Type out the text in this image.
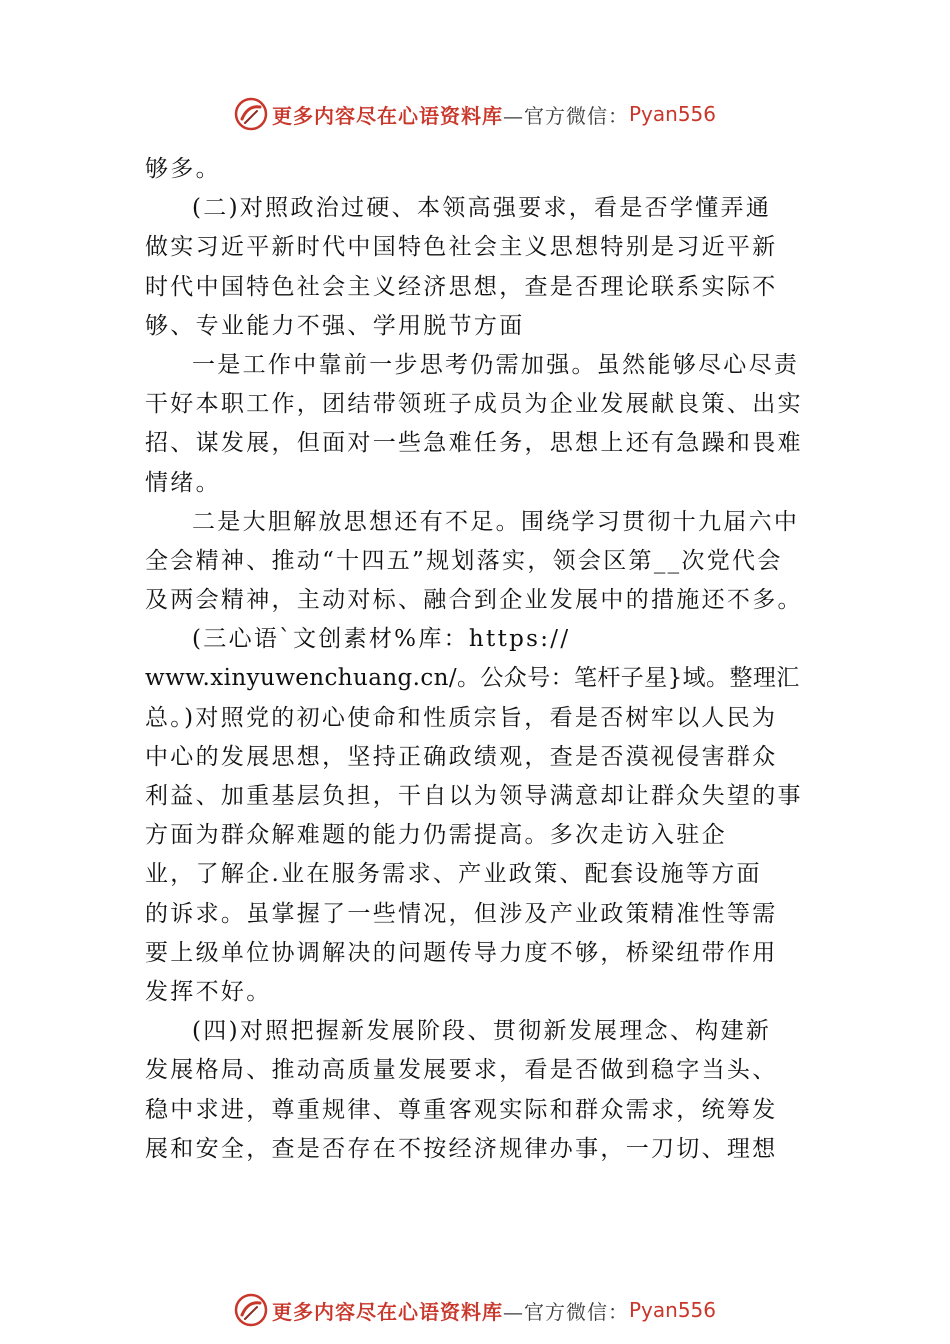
更多内容尽在心语资料库 —官方微信： Pyan556
够多。
(二)对照政治过硬、本领高强要求，看是否学懂弄通
做实习近平新时代中国特色社会主义思想特别是习近平新
时代中国特色社会主义经济思想，查是否理论联系实际不
够、专业能力不强、学用脱节方面
一是工作中靠前一步思考仍需加强。虽然能够尽心尽责
干好本职工作，团结带领班子成员为企业发展献良策、出实
招、谋发展，但面对一些急难任务，思想上还有急躁和畏难
情绪。
二是大胆解放思想还有不足。围绕学习贯彻十九届六中
全会精神、推动“十四五”规划落实，领会区第__次党代会
及两会精神，主动对标、融合到企业发展中的措施还不多。
(三心语`文创素材%库：https://
www.xinyuwenchuang.cn/。公众号：笔杆子星}域。整理汇
总。)对照党的初心使命和性质宗旨，看是否树牢以人民为
中心的发展思想，坚持正确政绩观，查是否漠视侵害群众
利益、加重基层负担，干自以为领导满意却让群众失望的事
方面为群众解难题的能力仍需提高。多次走访入驻企
业，了解企.业在服务需求、产业政策、配套设施等方面
的诉求。虽掌握了一些情况，但涉及产业政策精准性等需
要上级单位协调解决的问题传导力度不够，桥梁纽带作用
发挥不好。
(四)对照把握新发展阶段、贯彻新发展理念、构建新
发展格局、推动高质量发展要求，看是否做到稳字当头、
稳中求进，尊重规律、尊重客观实际和群众需求，统筹发
展和安全，查是否存在不按经济规律办事，一刀切、理想
更多内容尽在心语资料库 —官方微信： Pyan556
